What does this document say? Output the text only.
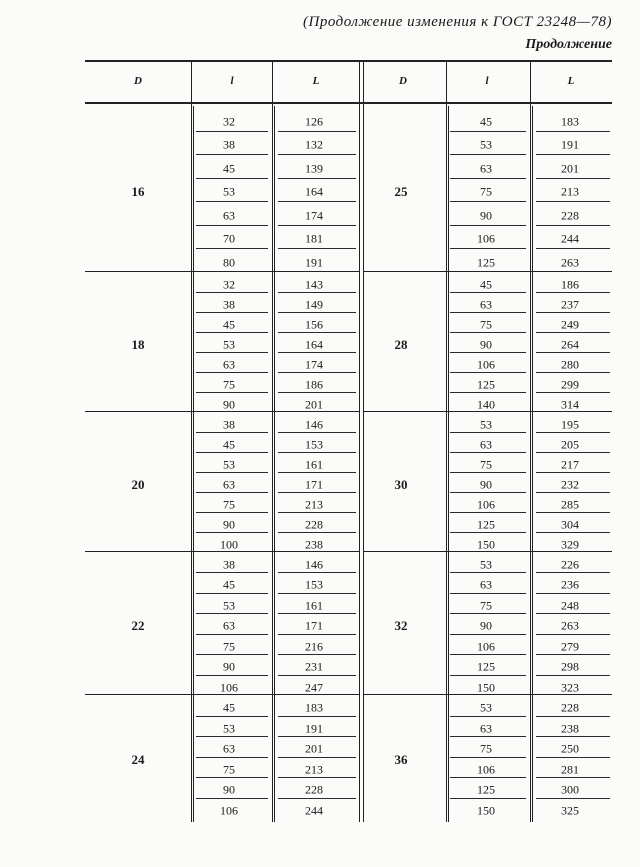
(Продолжение изменения к ГОСТ 23248—78)
Продолжение
D	l	L	D	l	L
16
32	126
38	132
45	139
53	164
63	174
70	181
80	191
18
32	143
38	149
45	156
53	164
63	174
75	186
90	201
20
38	146
45	153
53	161
63	171
75	213
90	228
100	238
22
38	146
45	153
53	161
63	171
75	216
90	231
106	247
24
45	183
53	191
63	201
75	213
90	228
106	244
25
45	183
53	191
63	201
75	213
90	228
106	244
125	263
28
45	186
63	237
75	249
90	264
106	280
125	299
140	314
30
53	195
63	205
75	217
90	232
106	285
125	304
150	329
32
53	226
63	236
75	248
90	263
106	279
125	298
150	323
36
53	228
63	238
75	250
106	281
125	300
150	325
